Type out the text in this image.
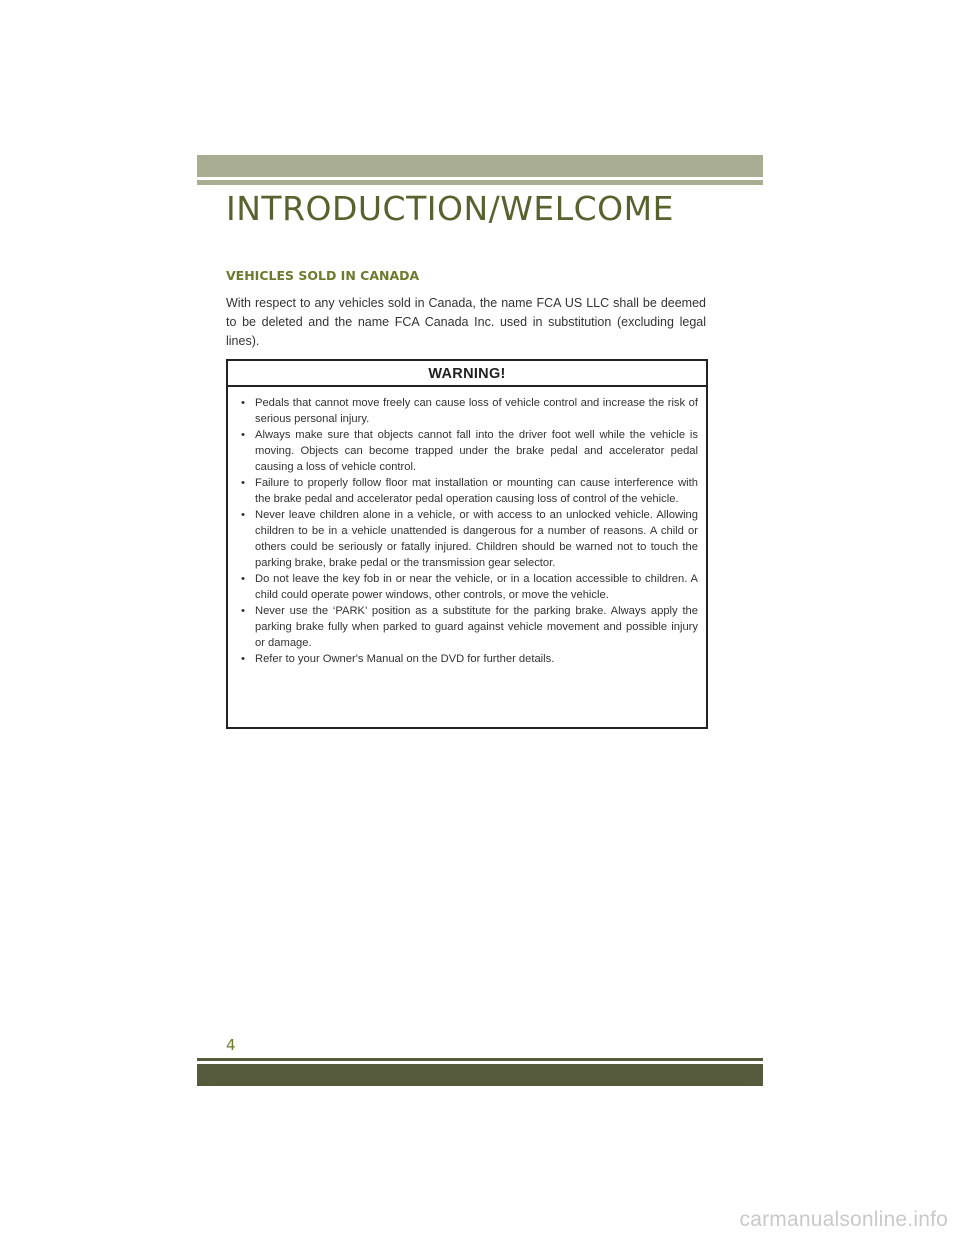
INTRODUCTION/WELCOME
VEHICLES SOLD IN CANADA

With respect to any vehicles sold in Canada, the name FCA US LLC shall be deemed to be deleted and the name FCA Canada Inc. used in substitution (excluding legal lines).

WARNING!
• Pedals that cannot move freely can cause loss of vehicle control and increase the risk of serious personal injury.
• Always make sure that objects cannot fall into the driver foot well while the vehicle is moving. Objects can become trapped under the brake pedal and accelerator pedal causing a loss of vehicle control.
• Failure to properly follow floor mat installation or mounting can cause interference with the brake pedal and accelerator pedal operation causing loss of control of the vehicle.
• Never leave children alone in a vehicle, or with access to an unlocked vehicle. Allowing children to be in a vehicle unattended is dangerous for a number of reasons. A child or others could be seriously or fatally injured. Children should be warned not to touch the parking brake, brake pedal or the transmission gear selector.
• Do not leave the key fob in or near the vehicle, or in a location accessible to children. A child could operate power windows, other controls, or move the vehicle.
• Never use the ‘PARK’ position as a substitute for the parking brake. Always apply the parking brake fully when parked to guard against vehicle movement and possible injury or damage.
• Refer to your Owner's Manual on the DVD for further details.
4
carmanualsonline.info
